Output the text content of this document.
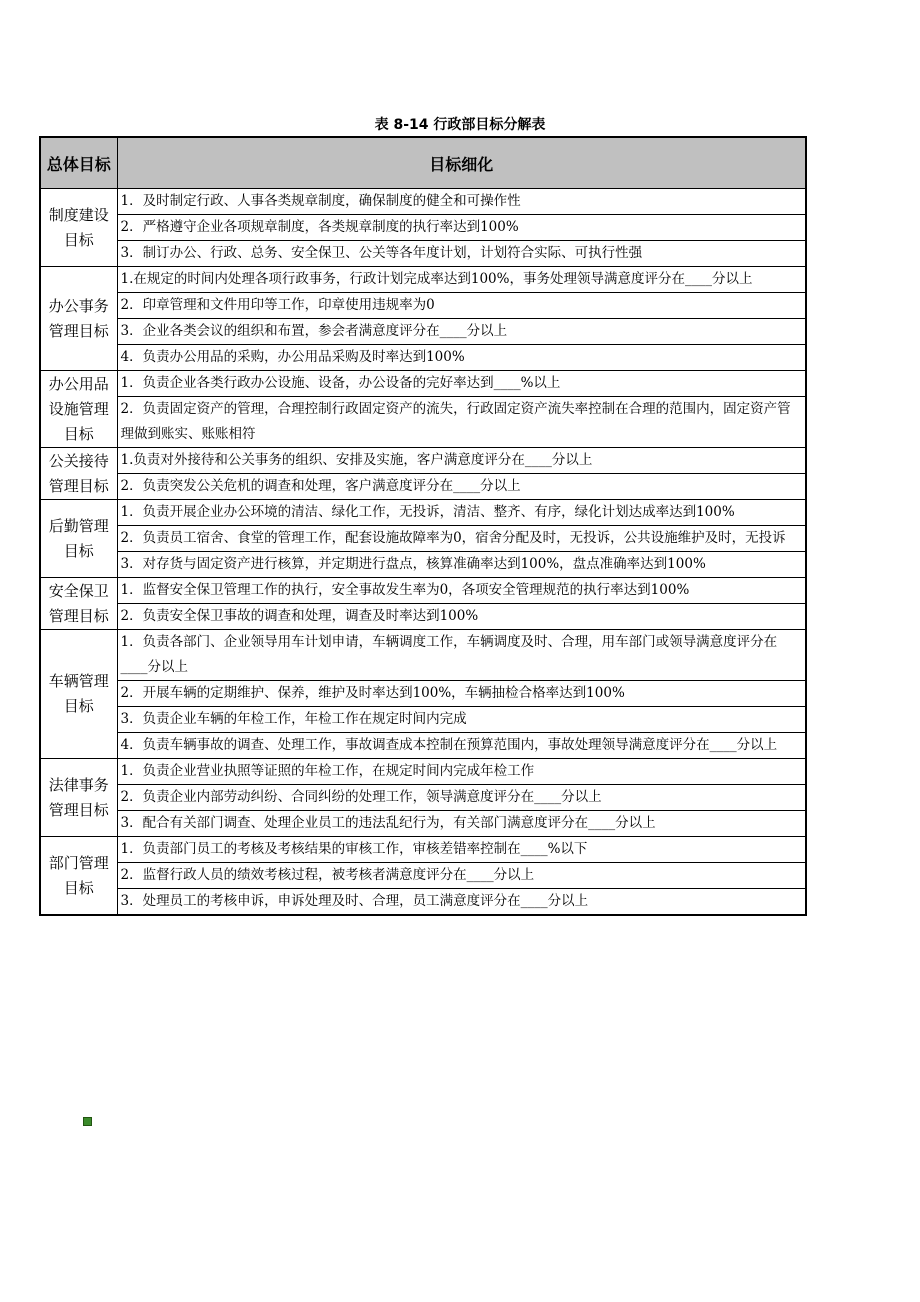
表 8-14 行政部目标分解表
总体目标	目标细化
制度建设目标	1．及时制定行政、人事各类规章制度，确保制度的健全和可操作性
	2．严格遵守企业各项规章制度，各类规章制度的执行率达到100%
	3．制订办公、行政、总务、安全保卫、公关等各年度计划，计划符合实际、可执行性强
办公事务管理目标	1.在规定的时间内处理各项行政事务，行政计划完成率达到100%，事务处理领导满意度评分在____分以上
	2．印章管理和文件用印等工作，印章使用违规率为0
	3．企业各类会议的组织和布置，参会者满意度评分在____分以上
	4．负责办公用品的采购，办公用品采购及时率达到100%
办公用品设施管理目标	1．负责企业各类行政办公设施、设备，办公设备的完好率达到____%以上
	2．负责固定资产的管理，合理控制行政固定资产的流失，行政固定资产流失率控制在合理的范围内，固定资产管理做到账实、账账相符
公关接待管理目标	1.负责对外接待和公关事务的组织、安排及实施，客户满意度评分在____分以上
	2．负责突发公关危机的调查和处理，客户满意度评分在____分以上
后勤管理目标	1．负责开展企业办公环境的清洁、绿化工作，无投诉，清洁、整齐、有序，绿化计划达成率达到100%
	2．负责员工宿舍、食堂的管理工作，配套设施故障率为0，宿舍分配及时，无投诉，公共设施维护及时，无投诉
	3．对存货与固定资产进行核算，并定期进行盘点，核算准确率达到100%，盘点准确率达到100%
安全保卫管理目标	1．监督安全保卫管理工作的执行，安全事故发生率为0，各项安全管理规范的执行率达到100%
	2．负责安全保卫事故的调查和处理，调查及时率达到100%
车辆管理目标	1．负责各部门、企业领导用车计划申请，车辆调度工作，车辆调度及时、合理，用车部门或领导满意度评分在____分以上
	2．开展车辆的定期维护、保养，维护及时率达到100%，车辆抽检合格率达到100%
	3．负责企业车辆的年检工作，年检工作在规定时间内完成
	4．负责车辆事故的调查、处理工作，事故调查成本控制在预算范围内，事故处理领导满意度评分在____分以上
法律事务管理目标	1．负责企业营业执照等证照的年检工作，在规定时间内完成年检工作
	2．负责企业内部劳动纠纷、合同纠纷的处理工作，领导满意度评分在____分以上
	3．配合有关部门调查、处理企业员工的违法乱纪行为，有关部门满意度评分在____分以上
部门管理目标	1．负责部门员工的考核及考核结果的审核工作，审核差错率控制在____%以下
	2．监督行政人员的绩效考核过程，被考核者满意度评分在____分以上
	3．处理员工的考核申诉，申诉处理及时、合理，员工满意度评分在____分以上
